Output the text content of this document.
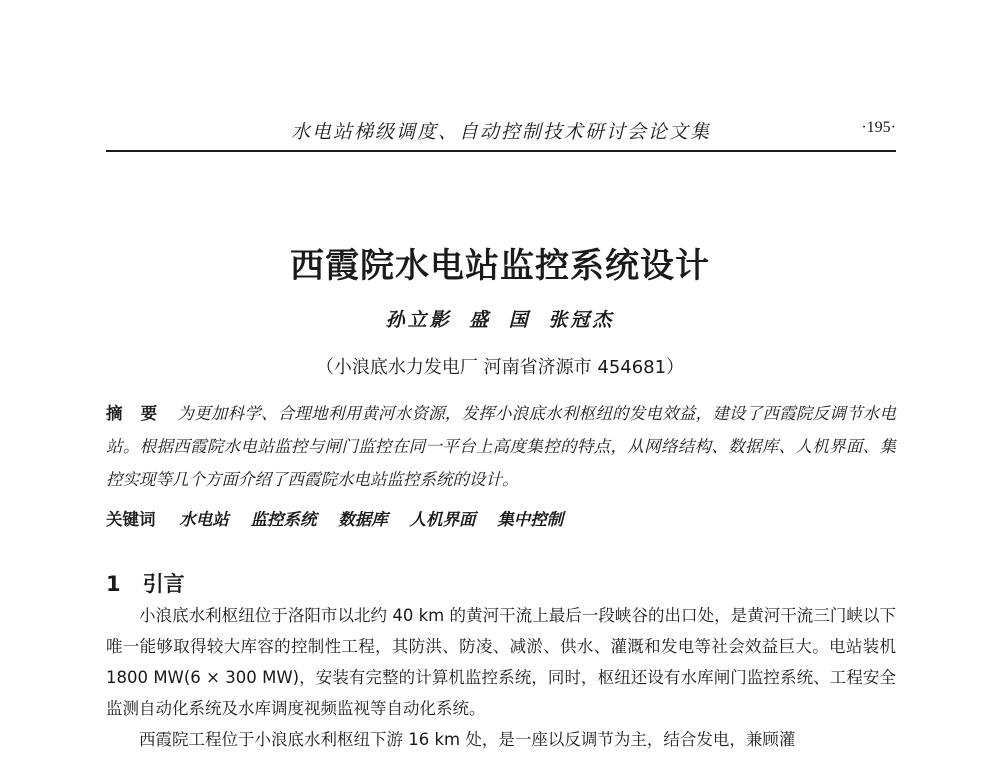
水电站梯级调度、自动控制技术研讨会论文集	·195·
西霞院水电站监控系统设计
孙立影 盛 国 张冠杰
（小浪底水力发电厂 河南省济源市 454681）
摘 要 为更加科学、合理地利用黄河水资源，发挥小浪底水利枢纽的发电效益，建设了西霞院反调节水电站。根据西霞院水电站监控与闸门监控在同一平台上高度集控的特点，从网络结构、数据库、人机界面、集控实现等几个方面介绍了西霞院水电站监控系统的设计。
关键词 水电站 监控系统 数据库 人机界面 集中控制
1 引言

小浪底水利枢纽位于洛阳市以北约 40 km 的黄河干流上最后一段峡谷的出口处，是黄河干流三门峡以下唯一能够取得较大库容的控制性工程，其防洪、防凌、减淤、供水、灌溉和发电等社会效益巨大。电站装机 1800 MW(6 × 300 MW)，安装有完整的计算机监控系统，同时，枢纽还设有水库闸门监控系统、工程安全监测自动化系统及水库调度视频监视等自动化系统。

西霞院工程位于小浪底水利枢纽下游 16 km 处，是一座以反调节为主，结合发电，兼顾灌
